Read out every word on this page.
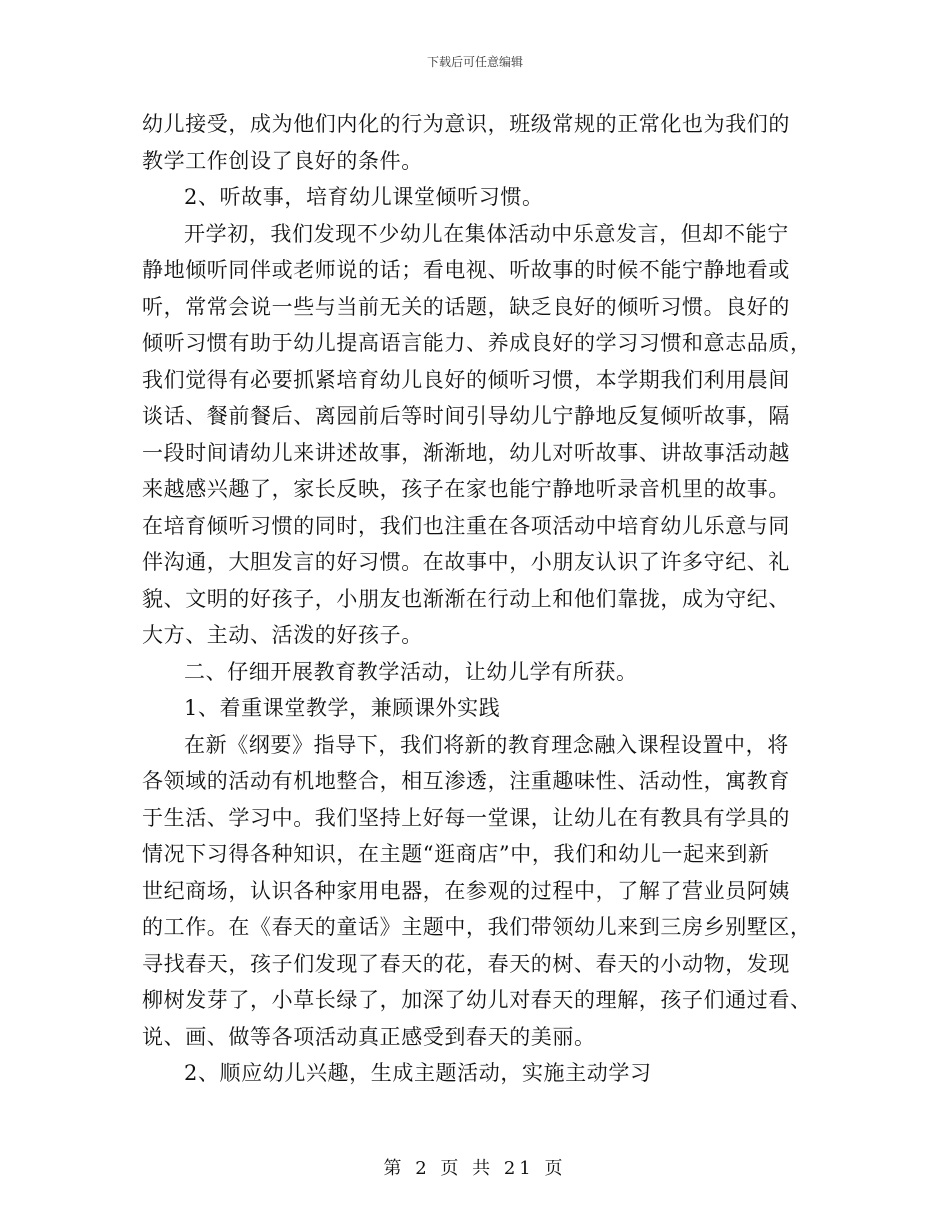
下载后可任意编辑
幼儿接受，成为他们内化的行为意识，班级常规的正常化也为我们的
教学工作创设了良好的条件。
2、听故事，培育幼儿课堂倾听习惯。
开学初，我们发现不少幼儿在集体活动中乐意发言，但却不能宁
静地倾听同伴或老师说的话；看电视、听故事的时候不能宁静地看或
听，常常会说一些与当前无关的话题，缺乏良好的倾听习惯。良好的
倾听习惯有助于幼儿提高语言能力、养成良好的学习习惯和意志品质，
我们觉得有必要抓紧培育幼儿良好的倾听习惯，本学期我们利用晨间
谈话、餐前餐后、离园前后等时间引导幼儿宁静地反复倾听故事，隔
一段时间请幼儿来讲述故事，渐渐地，幼儿对听故事、讲故事活动越
来越感兴趣了，家长反映，孩子在家也能宁静地听录音机里的故事。
在培育倾听习惯的同时，我们也注重在各项活动中培育幼儿乐意与同
伴沟通，大胆发言的好习惯。在故事中，小朋友认识了许多守纪、礼
貌、文明的好孩子，小朋友也渐渐在行动上和他们靠拢，成为守纪、
大方、主动、活泼的好孩子。
二、仔细开展教育教学活动，让幼儿学有所获。
1、着重课堂教学，兼顾课外实践
在新《纲要》指导下，我们将新的教育理念融入课程设置中，将
各领域的活动有机地整合，相互渗透，注重趣味性、活动性，寓教育
于生活、学习中。我们坚持上好每一堂课，让幼儿在有教具有学具的
情况下习得各种知识，在主题“逛商店”中，我们和幼儿一起来到新
世纪商场，认识各种家用电器，在参观的过程中，了解了营业员阿姨
的工作。在《春天的童话》主题中，我们带领幼儿来到三房乡别墅区，
寻找春天，孩子们发现了春天的花，春天的树、春天的小动物，发现
柳树发芽了，小草长绿了，加深了幼儿对春天的理解，孩子们通过看、
说、画、做等各项活动真正感受到春天的美丽。
2、顺应幼儿兴趣，生成主题活动，实施主动学习
第 2 页 共 21 页
